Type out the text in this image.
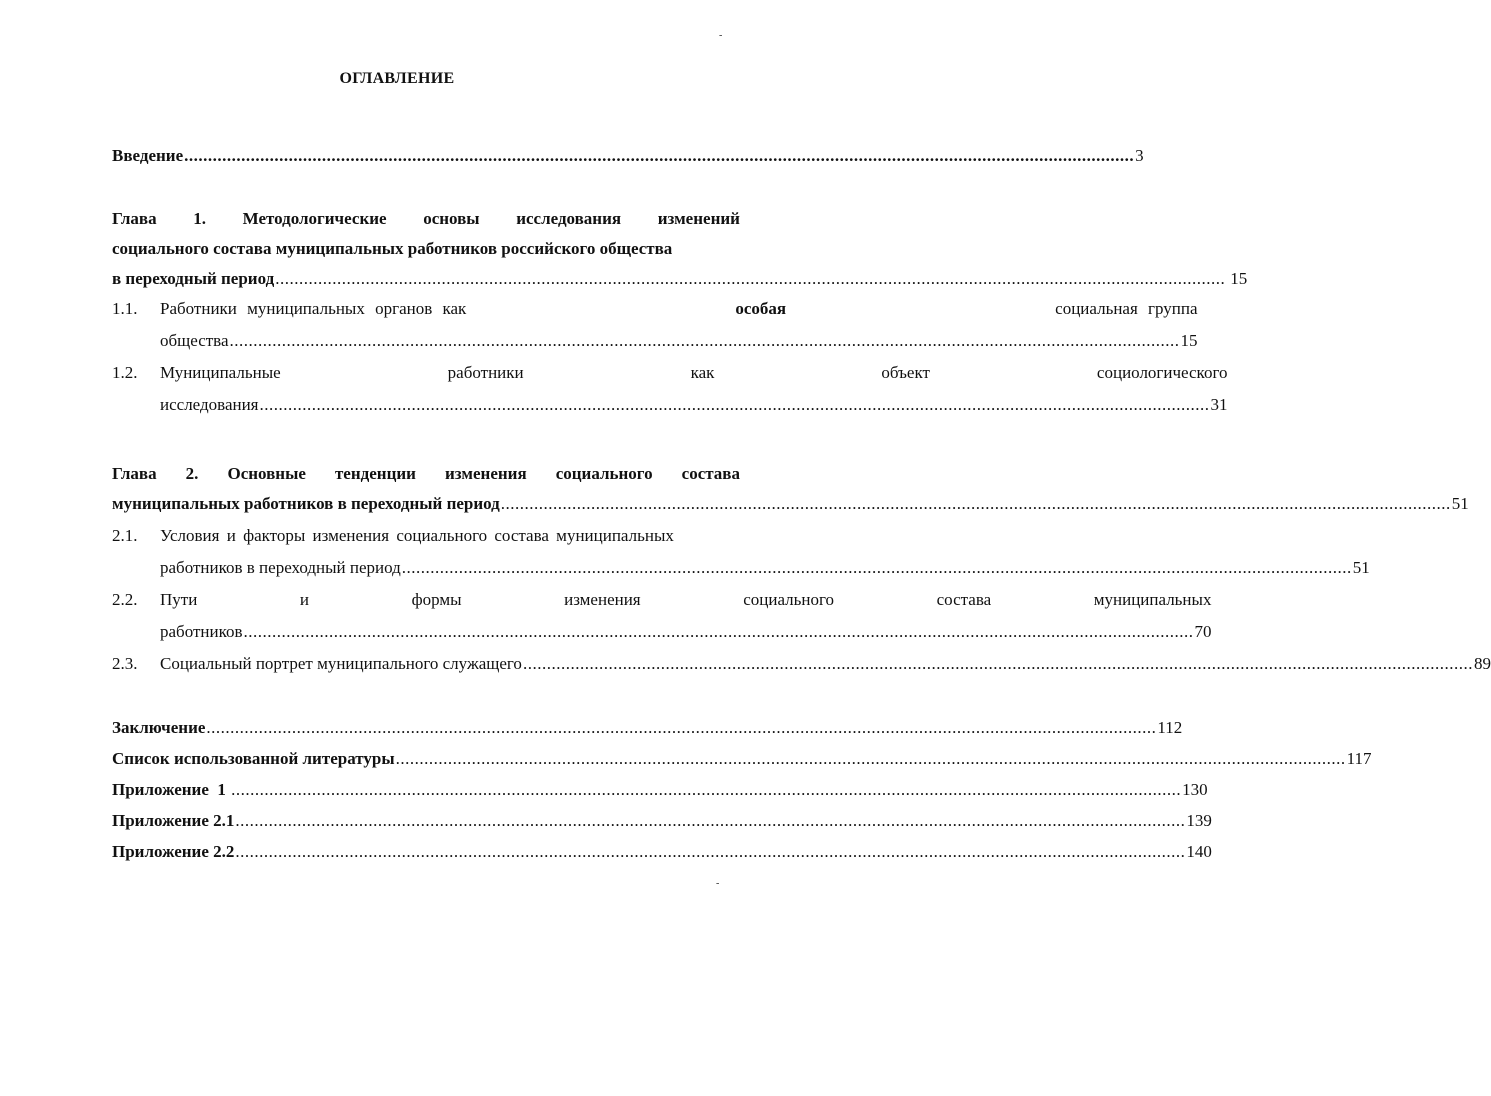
-
-
ОГЛАВЛЕНИЕ
Введение .....	3
Глава 1. Методологические основы исследования изменений
социального состава муниципальных работников российского общества
в переходный период .....	15
1.1.	Работники муниципальных органов как	особая	социальная группа
общества .....	15
1.2.	Муниципальные	работники	как	объект	социологического
исследования .....	31
Глава 2. Основные тенденции изменения социального состава
муниципальных работников в переходный период .....	51
2.1.	Условия и факторы изменения социального состава муниципальных
работников в переходный период .....	51
2.2.	Пути	и	формы	изменения	социального	состава	муниципальных
работников .....	70
2.3.	Социальный портрет муниципального служащего .....	89
Заключение .....	112
Список использованной литературы .....	117
Приложение  1 .....	130
Приложение 2.1 .....	139
Приложение 2.2 .....	140
